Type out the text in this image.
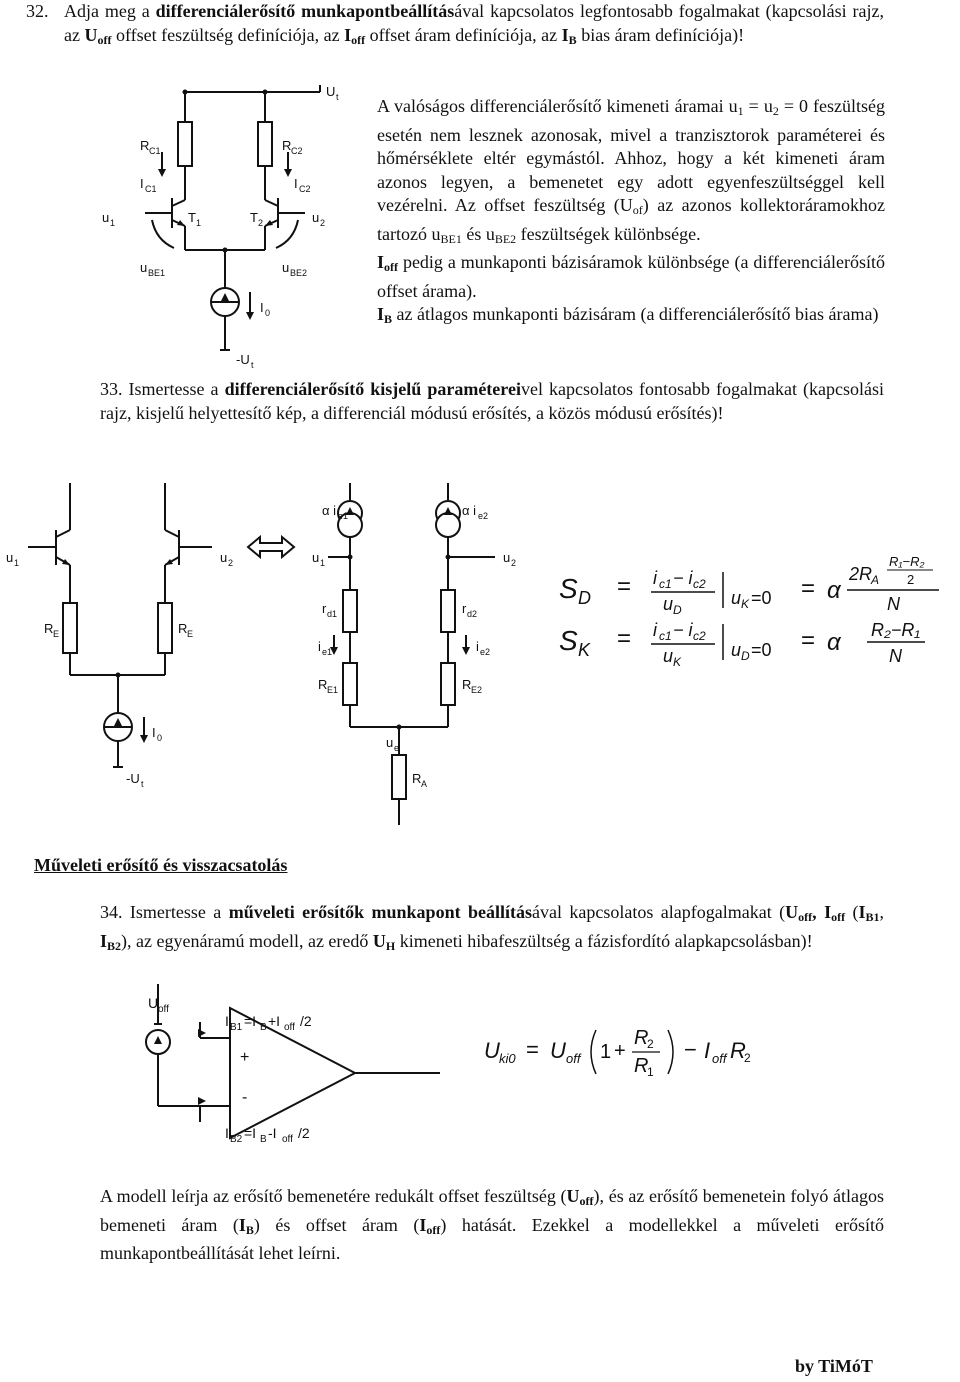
32. Adja meg a differenciálerősítő munkapontbeállításával kapcsolatos legfontosabb fogalmakat (kapcsolási rajz, az Uoff offset feszültség definíciója, az Ioff offset áram definíciója, az IB bias áram definíciója)!
A valóságos differenciálerősítő kimeneti áramai $u_1 = u_2 = 0$ feszültség esetén nem lesznek azonosak, mivel a tranzisztorok paraméterei és hőmérséklete eltér egymástól. Ahhoz, hogy a két kimeneti áram azonos legyen, a bemenetet egy adott egyenfeszültséggel kell vezérelni. Az offset feszültség $(U_{of})$ az azonos kollektoráramokhoz tartozó $u_{BE1}$ és $u_{BE2}$ feszültségek különbsége.
Ioff pedig a munkaponti bázisáramok különbsége (a differenciálerősítő offset árama).
IB az átlagos munkaponti bázisáram (a differenciálerősítő bias árama)
U t
R C1	R C2
I C1	I C2
u 1	u 2
T 1	T 2
u BE1	u BE2
I 0
-U t
33. Ismertesse a differenciálerősítő kisjelű paramétereivel kapcsolatos fontosabb fogalmakat (kapcsolási rajz, kisjelű helyettesítő kép, a differenciál módusú erősítés, a közös módusú erősítés)!
u 1	u 2
R E	R E
I 0
-U t
α i e1	α i e2
u 1	u 2
r d1	r d2
i e1	i e2
R E1	R E2
u e
R A
S D = i c1 − i c2
u D
u K =0 = α
2R
A
R₁−R₂
2
N
S K = i c1 − i c2
u K
u D =0 = α R₂−R₁
N
Műveleti erősítő és visszacsatolás
34. Ismertesse a műveleti erősítők munkapont beállításával kapcsolatos alapfogalmakat (Uoff, Ioff (IB1, IB2), az egyenáramú modell, az eredő UH kimeneti hibafeszültség a fázisfordító alapkapcsolásban)!
U off
I B1 =I B +I off /2
I B2 =I B -I off /2
+
-
U ki0 = U off 1 +
R
2
R
1
− I off R
2
A modell leírja az erősítő bemenetére redukált offset feszültség (Uoff), és az erősítő bemenetein folyó átlagos bemeneti áram (IB) és offset áram (Ioff) hatását. Ezekkel a modellekkel a műveleti erősítő munkapontbeállítását lehet leírni.
by TiMóT
